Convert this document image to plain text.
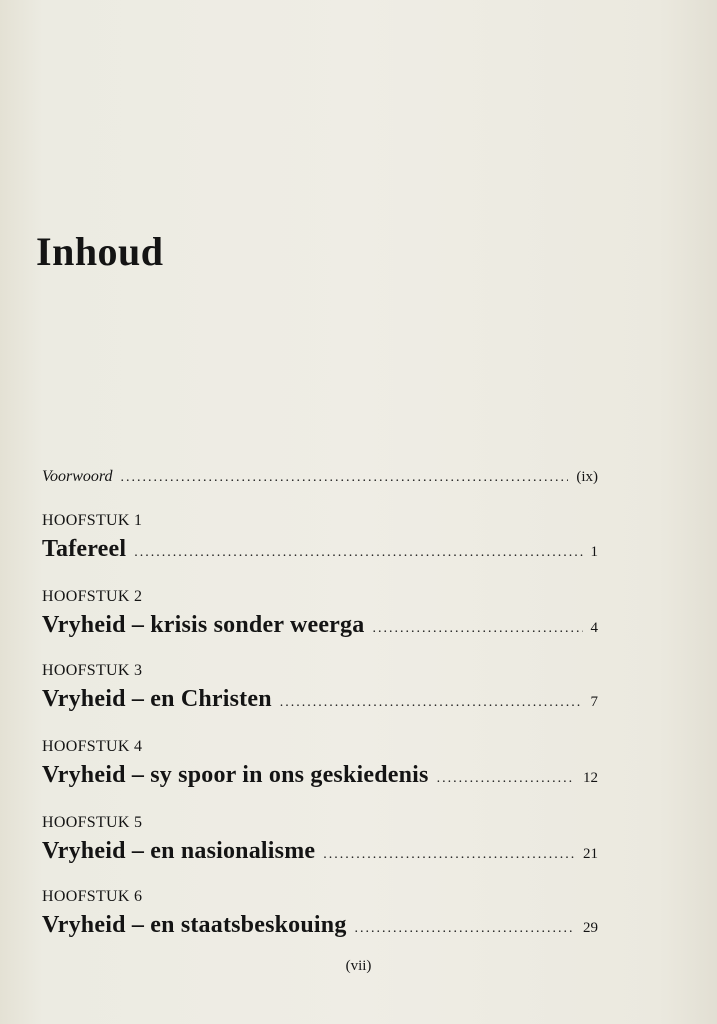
Inhoud
Voorwoord .....	(ix)
HOOFSTUK 1
Tafereel .....	1
HOOFSTUK 2
Vryheid – krisis sonder weerga .....	4
HOOFSTUK 3
Vryheid – en Christen .....	7
HOOFSTUK 4
Vryheid – sy spoor in ons geskiedenis .....	12
HOOFSTUK 5
Vryheid – en nasionalisme .....	21
HOOFSTUK 6
Vryheid – en staatsbeskouing .....	29
(vii)
